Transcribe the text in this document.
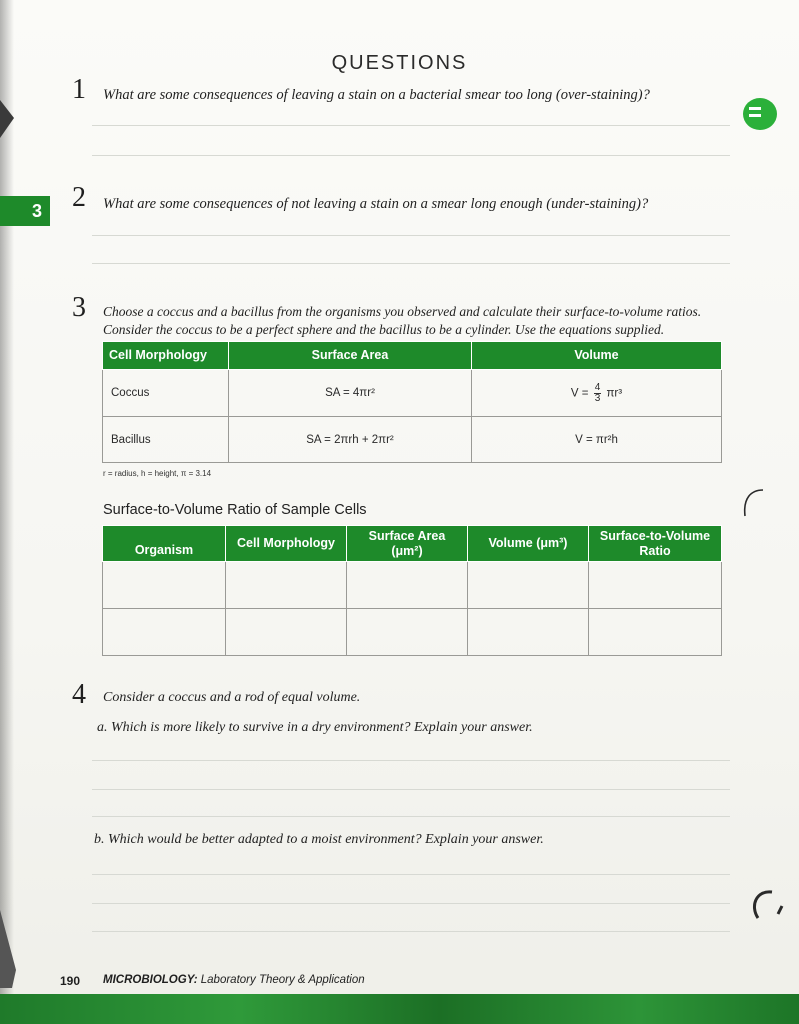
QUESTIONS
3
1 What are some consequences of leaving a stain on a bacterial smear too long (over-staining)?
2 What are some consequences of not leaving a stain on a smear long enough (under-staining)?
3 Choose a coccus and a bacillus from the organisms you observed and calculate their surface-to-volume ratios.
Consider the coccus to be a perfect sphere and the bacillus to be a cylinder. Use the equations supplied.
Cell Morphology	Surface Area	Volume
Coccus	SA = 4πr²	$V = \frac{4}{3} \pi r^3$
Bacillus	SA = 2πrh + 2πr²	V = πr²h
r = radius, h = height, π = 3.14
Surface-to-Volume Ratio of Sample Cells
Organism	Cell Morphology	Surface Area (μm²)	Volume (μm³)	Surface-to-Volume Ratio

4 Consider a coccus and a rod of equal volume.
a. Which is more likely to survive in a dry environment? Explain your answer.
b. Which would be better adapted to a moist environment? Explain your answer.
190 MICROBIOLOGY: Laboratory Theory & Application
